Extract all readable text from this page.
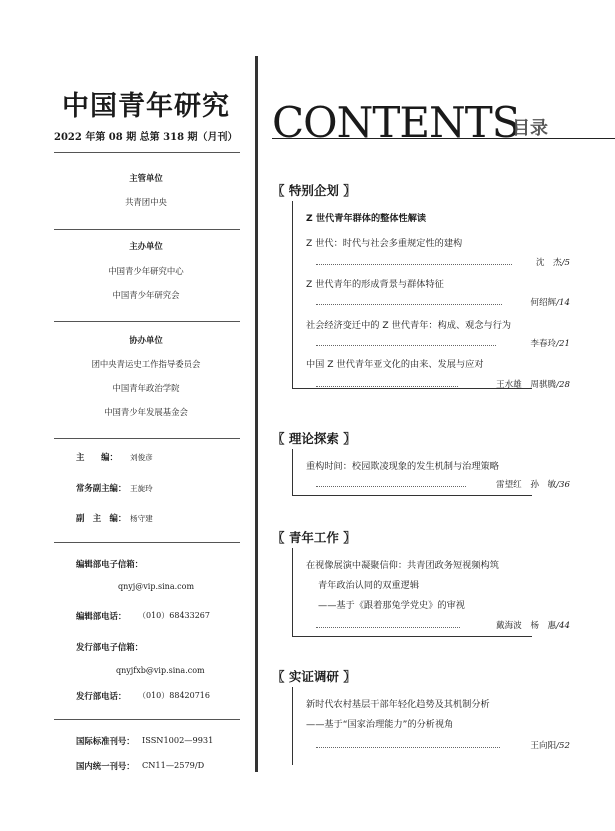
中国青年研究
2022 年第 08 期 总第 318 期（月刊）
主管单位
共青团中央
主办单位
中国青少年研究中心
中国青少年研究会
协办单位
团中央青运史工作指导委员会
中国青年政治学院
中国青少年发展基金会
主　　编： 刘俊彦
常务副主编： 王旋玲
副　主　编： 杨守建
编辑部电子信箱：
qnyj@vip.sina.com
编辑部电话： （010）68433267
发行部电子信箱：
qnyjfxb@vip.sina.com
发行部电话： （010）88420716
国际标准刊号： ISSN1002—9931
国内统一刊号： CN11—2579/D
CONTENTS
目录
〖 特别企划 〗
Z 世代青年群体的整体性解读
Z 世代：时代与社会多重规定性的建构
沈　杰/5
Z 世代青年的形成背景与群体特征
何绍辉/14
社会经济变迁中的 Z 世代青年：构成、观念与行为
李春玲/21
中国 Z 世代青年亚文化的由来、发展与应对
王水雄　周骐腾/28
〖 理论探索 〗
重构时间：校园欺凌现象的发生机制与治理策略
雷望红　孙　敏/36
〖 青年工作 〗
在视像展演中凝聚信仰：共青团政务短视频构筑
青年政治认同的双重逻辑
——基于《跟着那兔学党史》的审视
戴海波　杨　惠/44
〖 实证调研 〗
新时代农村基层干部年轻化趋势及其机制分析
——基于“国家治理能力”的分析视角
王向阳/52
